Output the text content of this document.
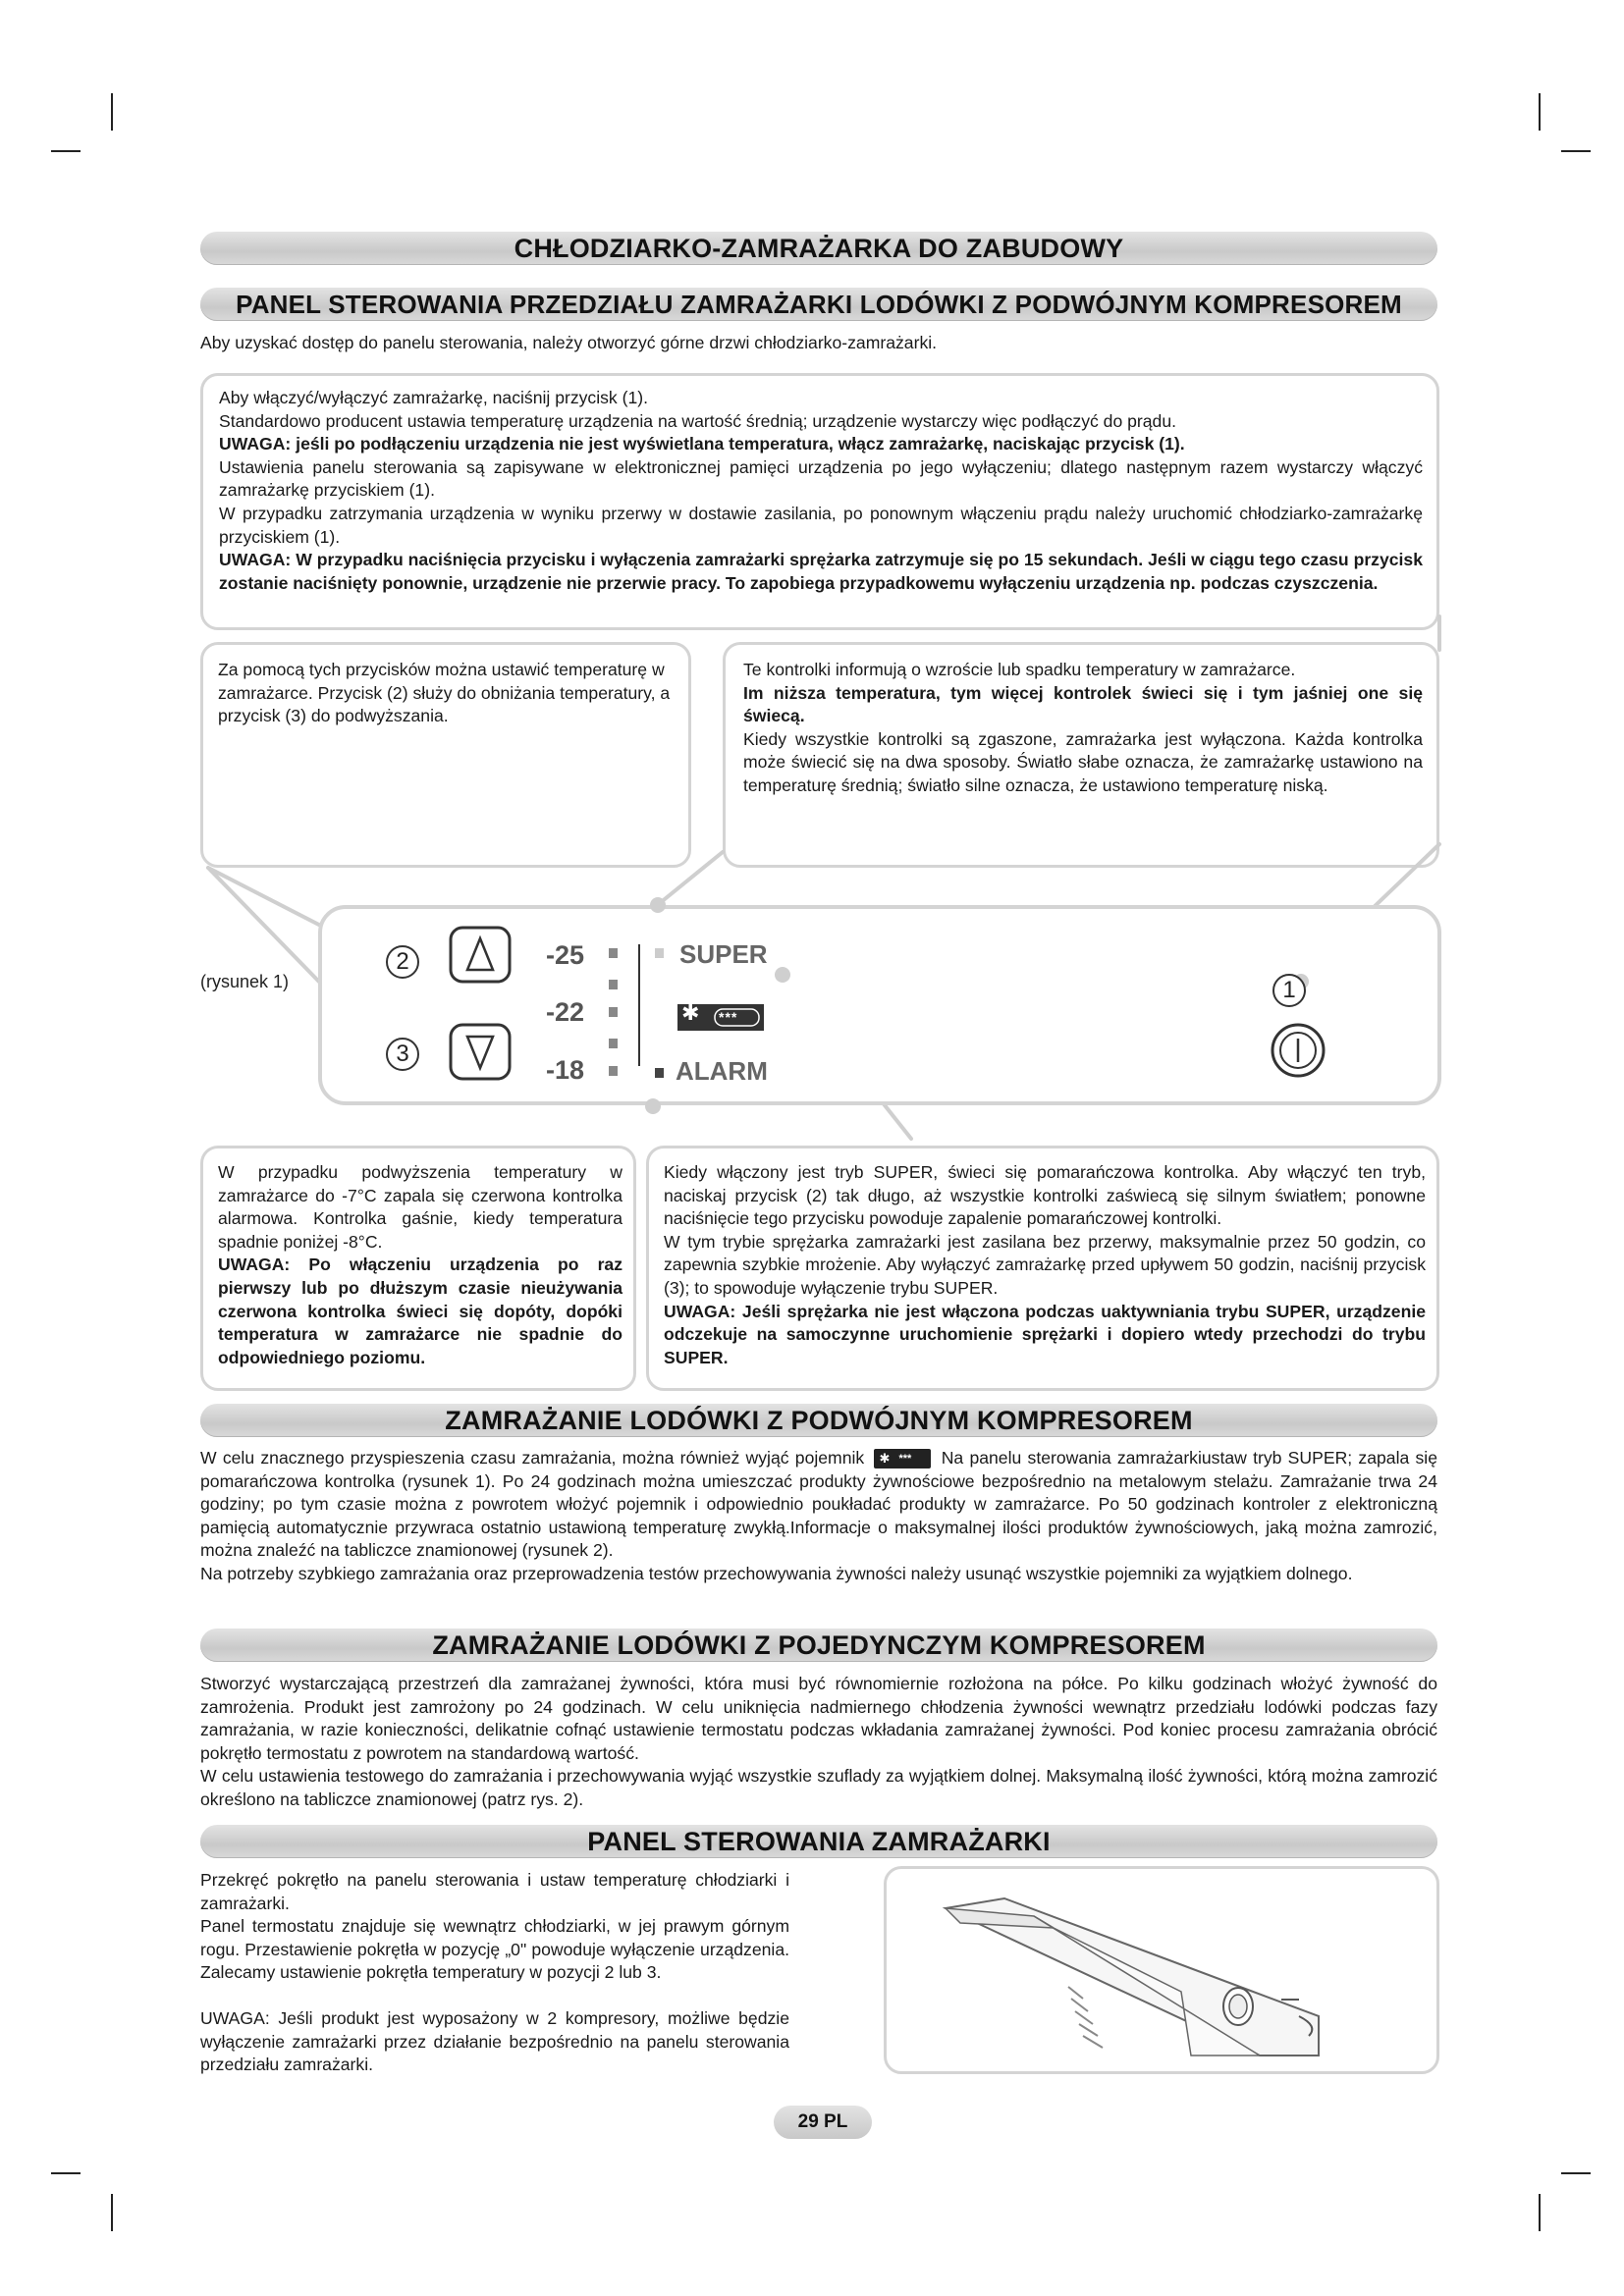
CHŁODZIARKO-ZAMRAŻARKA DO ZABUDOWY
PANEL STEROWANIA PRZEDZIAŁU ZAMRAŻARKI LODÓWKI Z PODWÓJNYM KOMPRESOREM
Aby uzyskać dostęp do panelu sterowania, należy otworzyć górne drzwi chłodziarko-zamrażarki.
Aby włączyć/wyłączyć zamrażarkę, naciśnij przycisk (1).
Standardowo producent ustawia temperaturę urządzenia na wartość średnią; urządzenie wystarczy więc podłączyć do prądu.
UWAGA: jeśli po podłączeniu urządzenia nie jest wyświetlana temperatura, włącz zamrażarkę, naciskając przycisk (1).
Ustawienia panelu sterowania są zapisywane w elektronicznej pamięci urządzenia po jego wyłączeniu; dlatego następnym razem wystarczy włączyć zamrażarkę przyciskiem (1).
W przypadku zatrzymania urządzenia w wyniku przerwy w dostawie zasilania, po ponownym włączeniu prądu należy uruchomić chłodziarko-zamrażarkę przyciskiem (1).
UWAGA: W przypadku naciśnięcia przycisku i wyłączenia zamrażarki sprężarka zatrzymuje się po 15 sekundach. Jeśli w ciągu tego czasu przycisk zostanie naciśnięty ponownie, urządzenie nie przerwie pracy. To zapobiega przypadkowemu wyłączeniu urządzenia np. podczas czyszczenia.
Za pomocą tych przycisków można ustawić temperaturę w zamrażarce. Przycisk (2) służy do obniżania temperatury, a przycisk (3) do podwyższania.
Te kontrolki informują o wzroście lub spadku temperatury w zamrażarce.
Im niższa temperatura, tym więcej kontrolek świeci się i tym jaśniej one się świecą.
Kiedy wszystkie kontrolki są zgaszone, zamrażarka jest wyłączona. Każda kontrolka może świecić się na dwa sposoby. Światło słabe oznacza, że zamrażarkę ustawiono na temperaturę średnią; światło silne oznacza, że ustawiono temperaturę niską.
(rysunek 1)
2
3
1
-25
-22
-18
SUPER
ALARM
✱ ***
W przypadku podwyższenia temperatury w zamrażarce do -7°C zapala się czerwona kontrolka alarmowa. Kontrolka gaśnie, kiedy temperatura spadnie poniżej -8°C.
UWAGA: Po włączeniu urządzenia po raz pierwszy lub po dłuższym czasie nieużywania czerwona kontrolka świeci się dopóty, dopóki temperatura w zamrażarce nie spadnie do odpowiedniego poziomu.
Kiedy włączony jest tryb SUPER, świeci się pomarańczowa kontrolka. Aby włączyć ten tryb, naciskaj przycisk (2) tak długo, aż wszystkie kontrolki zaświecą się silnym światłem; ponowne naciśnięcie tego przycisku powoduje zapalenie pomarańczowej kontrolki.
W tym trybie sprężarka zamrażarki jest zasilana bez przerwy, maksymalnie przez 50 godzin, co zapewnia szybkie mrożenie. Aby wyłączyć zamrażarkę przed upływem 50 godzin, naciśnij przycisk (3); to spowoduje wyłączenie trybu SUPER.
UWAGA: Jeśli sprężarka nie jest włączona podczas uaktywniania trybu SUPER, urządzenie odczekuje na samoczynne uruchomienie sprężarki i dopiero wtedy przechodzi do trybu SUPER.
ZAMRAŻANIE LODÓWKI Z PODWÓJNYM KOMPRESOREM
W celu znacznego przyspieszenia czasu zamrażania, można również wyjąć pojemnik ✱ *** Na panelu sterowania zamrażarkiustaw tryb SUPER; zapala się pomarańczowa kontrolka (rysunek 1). Po 24 godzinach można umieszczać produkty żywnościowe bezpośrednio na metalowym stelażu. Zamrażanie trwa 24 godziny; po tym czasie można z powrotem włożyć pojemnik i odpowiednio poukładać produkty w zamrażarce. Po 50 godzinach kontroler z elektroniczną pamięcią automatycznie przywraca ostatnio ustawioną temperaturę zwykłą.Informacje o maksymalnej ilości produktów żywnościowych, jaką można zamrozić, można znaleźć na tabliczce znamionowej (rysunek 2).
Na potrzeby szybkiego zamrażania oraz przeprowadzenia testów przechowywania żywności należy usunąć wszystkie pojemniki za wyjątkiem dolnego.
ZAMRAŻANIE LODÓWKI Z POJEDYNCZYM KOMPRESOREM
Stworzyć wystarczającą przestrzeń dla zamrażanej żywności, która musi być równomiernie rozłożona na półce. Po kilku godzinach włożyć żywność do zamrożenia. Produkt jest zamrożony po 24 godzinach. W celu uniknięcia nadmiernego chłodzenia żywności wewnątrz przedziału lodówki podczas fazy zamrażania, w razie konieczności, delikatnie cofnąć ustawienie termostatu podczas wkładania zamrażanej żywności. Pod koniec procesu zamrażania obrócić pokrętło termostatu z powrotem na standardową wartość.
W celu ustawienia testowego do zamrażania i przechowywania wyjąć wszystkie szuflady za wyjątkiem dolnej. Maksymalną ilość żywności, którą można zamrozić określono na tabliczce znamionowej (patrz rys. 2).
PANEL STEROWANIA ZAMRAŻARKI
Przekręć pokrętło na panelu sterowania i ustaw temperaturę chłodziarki i zamrażarki.
Panel termostatu znajduje się wewnątrz chłodziarki, w jej prawym górnym rogu. Przestawienie pokrętła w pozycję „0" powoduje wyłączenie urządzenia. Zalecamy ustawienie pokrętła temperatury w pozycji 2 lub 3.
UWAGA: Jeśli produkt jest wyposażony w 2 kompresory, możliwe będzie wyłączenie zamrażarki przez działanie bezpośrednio na panelu sterowania przedziału zamrażarki.
29 PL
